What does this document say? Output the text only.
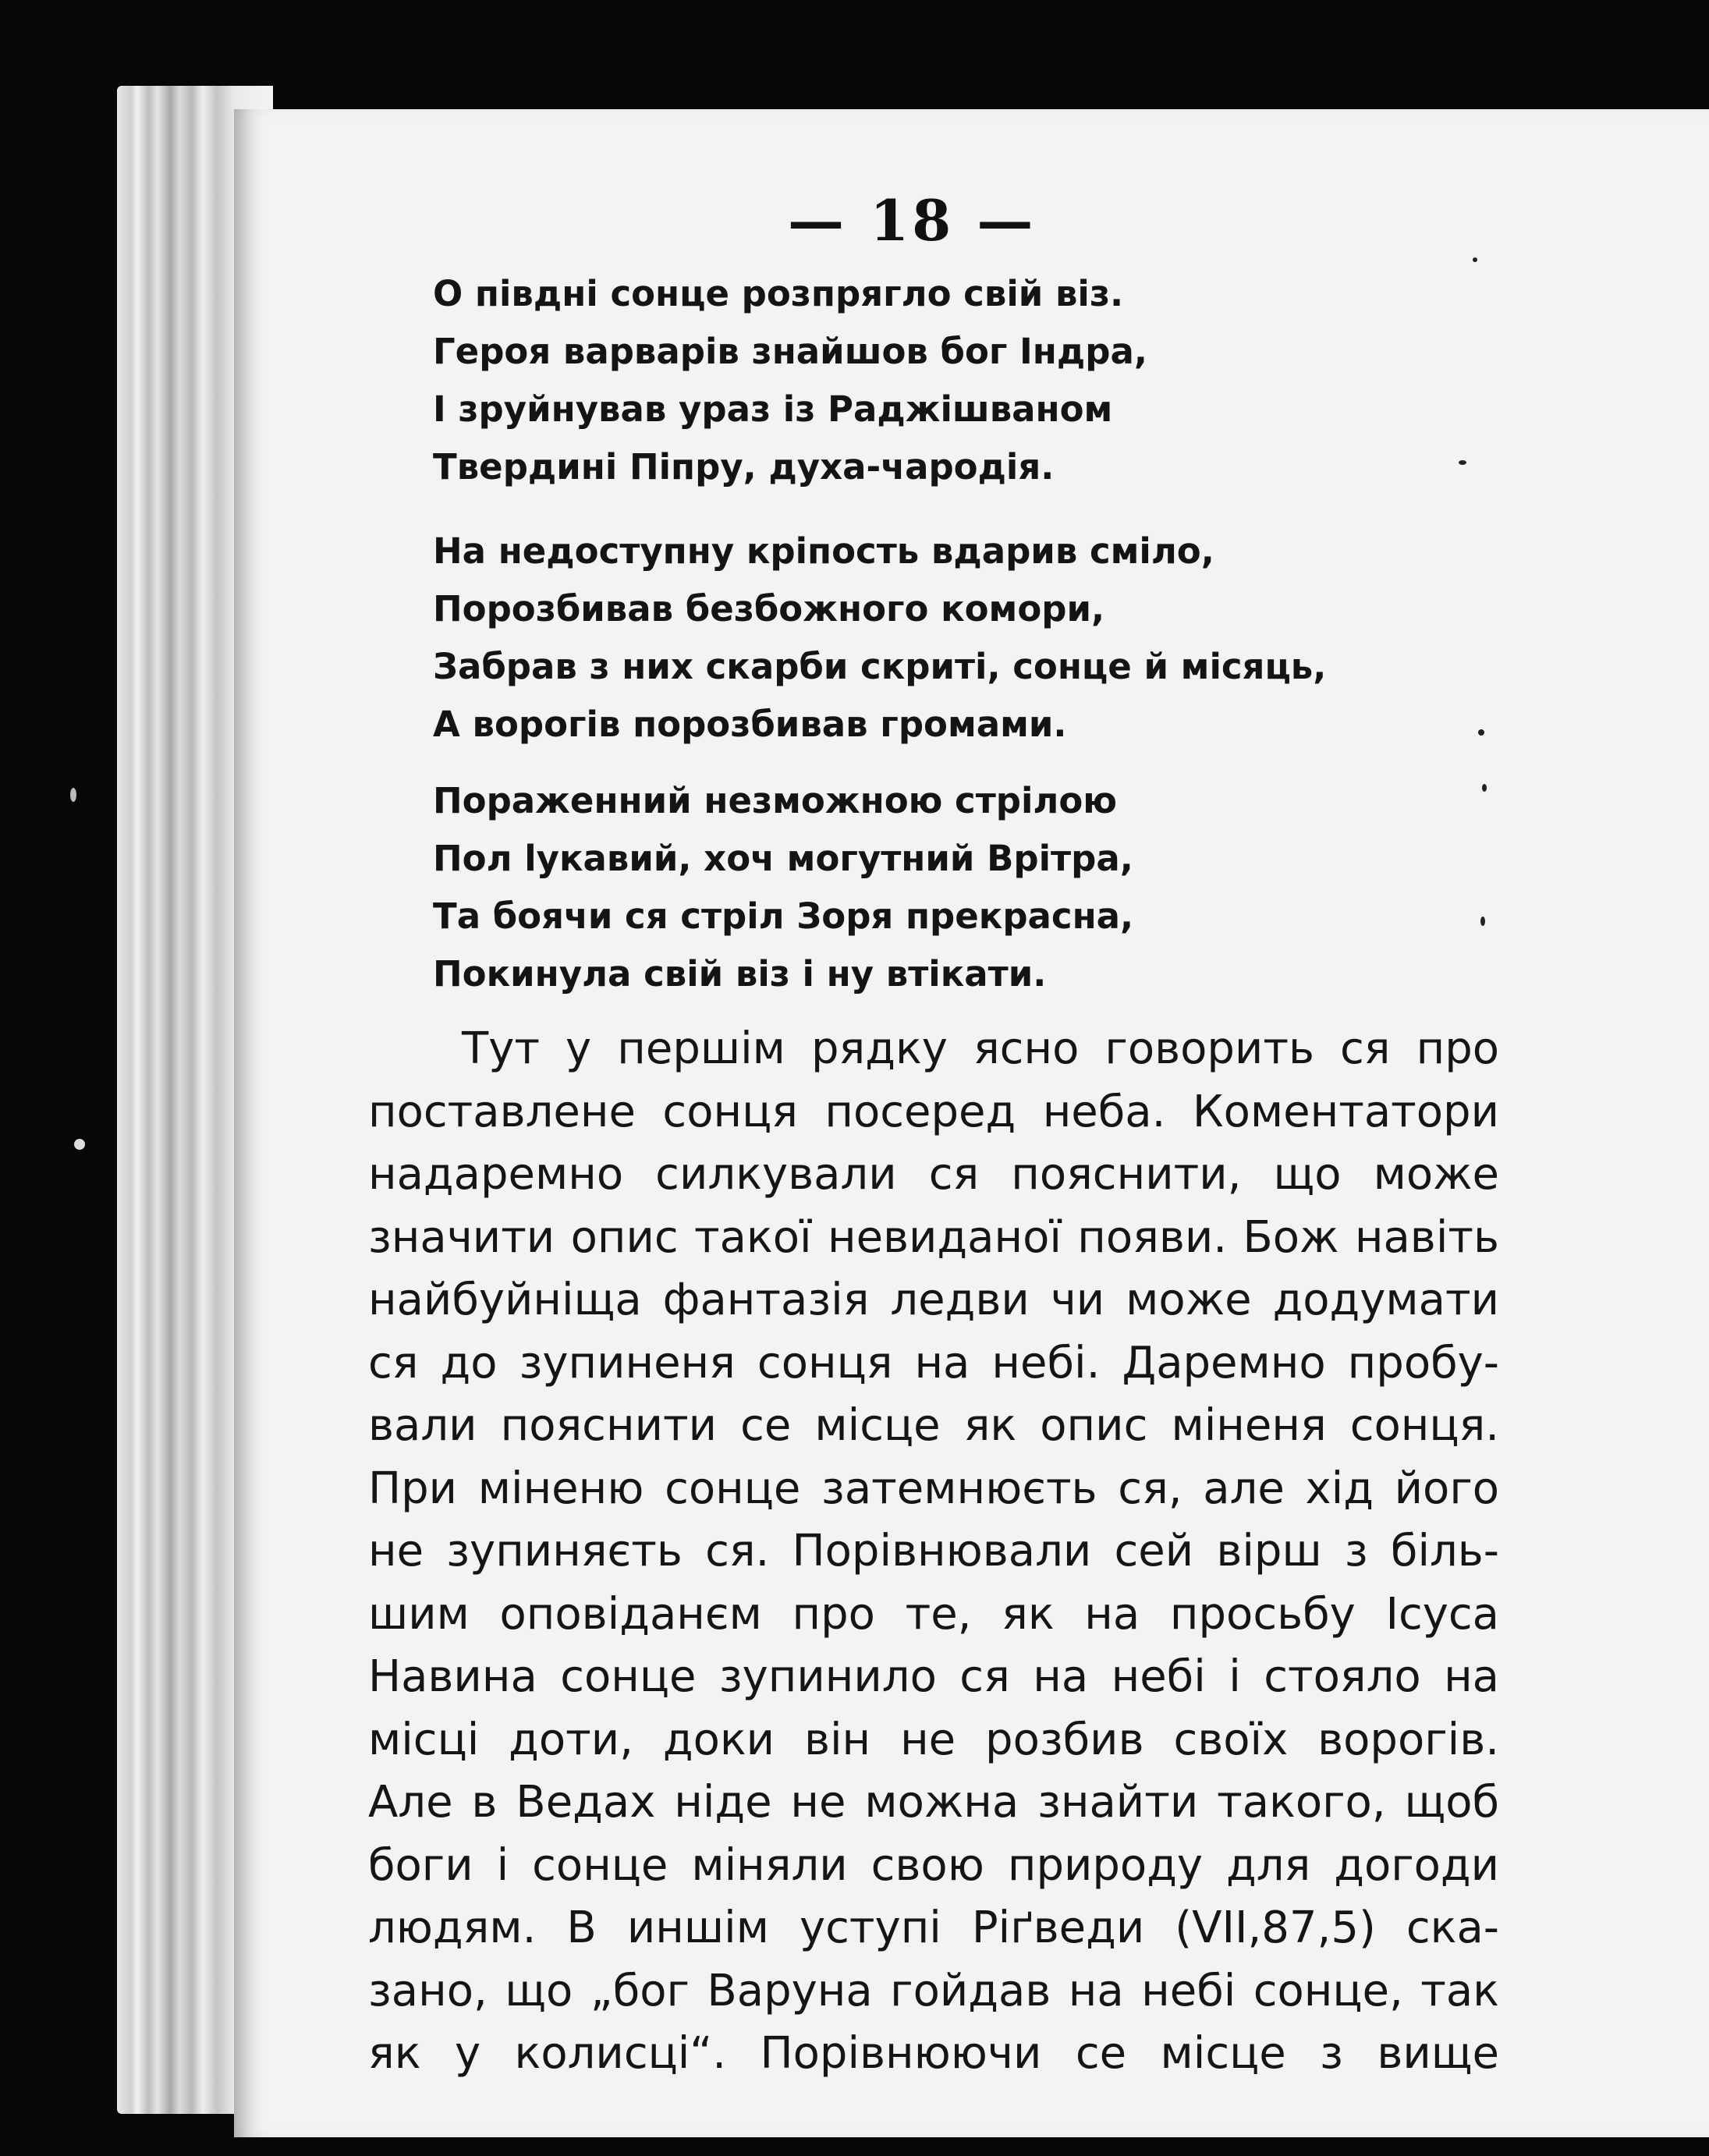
— 18 —
О півдні сонце розпрягло свій віз.
Героя варварів знайшов бог Індра,
І зруйнував ураз із Раджішваном
Твердині Піпру, духа-чародія.
На недоступну кріпость вдарив сміло,
Порозбивав безбожного комори,
Забрав з них скарби скриті, сонце й місяць,
А ворогів порозбивав громами.
Пораженний незможною стрілою
Пол lукавий, хоч могутний Врітра,
Та боячи ся стріл Зоря прекрасна,
Покинула свій віз і ну втікати.
Тут у першім рядку ясно говорить ся про
поставлене сонця посеред неба. Коментатори
надаремно силкували ся пояснити, що може
значити опис такої невиданої появи. Бож навіть
найбуйніща фантазія ледви чи може додумати
ся до зупиненя сонця на небі. Даремно пробу-
вали пояснити се місце як опис міненя сонця.
При міненю сонце затемнюєть ся, але хід його
не зупиняєть ся. Порівнювали сей вірш з біль-
шим оповіданєм про те, як на просьбу Ісуса
Навина сонце зупинило ся на небі і стояло на
місці доти, доки він не розбив своїх ворогів.
Але в Ведах ніде не можна знайти такого, щоб
боги і сонце міняли свою природу для догоди
людям. В иншім уступі Ріґведи (VII,87,5) ска-
зано, що „бог Варуна гойдав на небі сонце, так
як у колисці“. Порівнюючи се місце з вище
